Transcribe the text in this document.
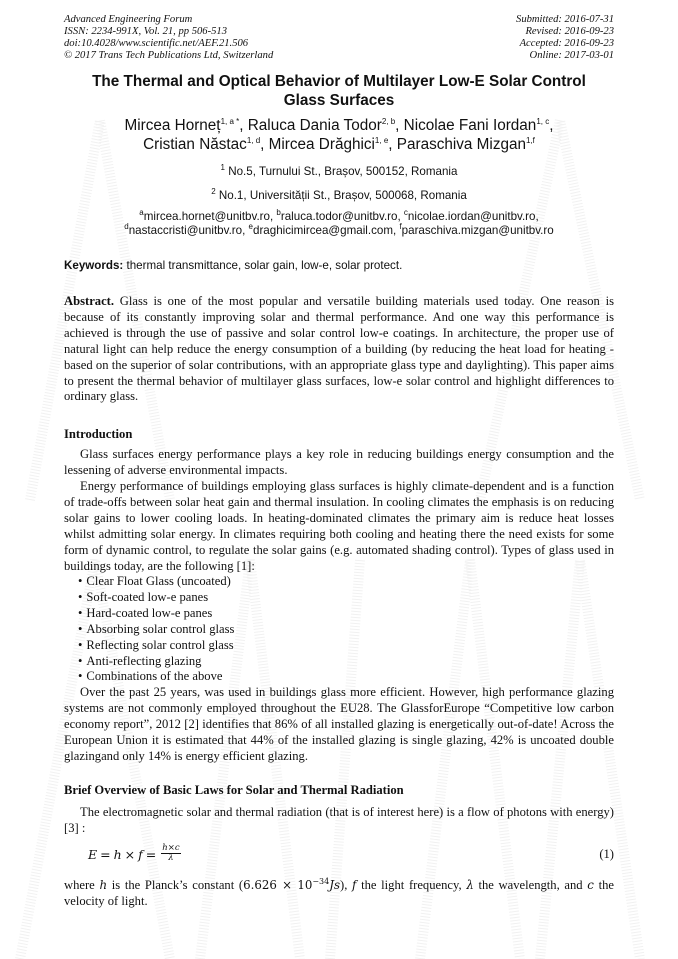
Advanced Engineering Forum
ISSN: 2234-991X, Vol. 21, pp 506-513
doi:10.4028/www.scientific.net/AEF.21.506
© 2017 Trans Tech Publications Ltd, Switzerland
Submitted: 2016-07-31
Revised: 2016-09-23
Accepted: 2016-09-23
Online: 2017-03-01
The Thermal and Optical Behavior of Multilayer Low-E Solar Control
Glass Surfaces
Mircea Horneț$^{1, a *}$, Raluca Dania Todor$^{2, b}$, Nicolae Fani Iordan$^{1, c}$,
Cristian Năstac$^{1, d}$, Mircea Drăghici$^{1, e}$, Paraschiva Mizgan$^{1,f}$
$^1$ No.5, Turnului St., Brașov, 500152, Romania
$^2$ No.1, Universității St., Brașov, 500068, Romania
$^a$mircea.hornet@unitbv.ro, $^b$raluca.todor@unitbv.ro, $^c$nicolae.iordan@unitbv.ro,
$^d$nastaccristi@unitbv.ro, $^e$draghicimircea@gmail.com, $^f$paraschiva.mizgan@unitbv.ro
Keywords: thermal transmittance, solar gain, low-e, solar protect.
Abstract. Glass is one of the most popular and versatile building materials used today. One reason is because of its constantly improving solar and thermal performance. And one way this performance is achieved is through the use of passive and solar control low-e coatings. In architecture, the proper use of natural light can help reduce the energy consumption of a building (by reducing the heat load for heating - based on the superior of solar contributions, with an appropriate glass type and daylighting). This paper aims to present the thermal behavior of multilayer glass surfaces, low-e solar control and highlight differences to ordinary glass.
Introduction
Glass surfaces energy performance plays a key role in reducing buildings energy consumption and the lessening of adverse environmental impacts.
Energy performance of buildings employing glass surfaces is highly climate-dependent and is a function of trade-offs between solar heat gain and thermal insulation. In cooling climates the emphasis is on reducing solar gains to lower cooling loads. In heating-dominated climates the primary aim is reduce heat losses whilst admitting solar energy. In climates requiring both cooling and heating there the need exists for some form of dynamic control, to regulate the solar gains (e.g. automated shading control). Types of glass used in buildings today, are the following [1]:
• Clear Float Glass (uncoated)
• Soft-coated low-e panes
• Hard-coated low-e panes
• Absorbing solar control glass
• Reflecting solar control glass
• Anti-reflecting glazing
• Combinations of the above
Over the past 25 years, was used in buildings glass more efficient. However, high performance glazing systems are not commonly employed throughout the EU28. The GlassforEurope “Competitive low carbon economy report”, 2012 [2] identifies that 86% of all installed glazing is energetically out-of-date! Across the European Union it is estimated that 44% of the installed glazing is single glazing, 42% is uncoated double glazingand only 14% is energy efficient glazing.
Brief Overview of Basic Laws for Solar and Thermal Radiation
The electromagnetic solar and thermal radiation (that is of interest here) is a flow of photons with energy) [3] :
$E = h \times f = \frac{h\times c}{\lambda}$	(1)
where h is the Planck’s constant $(6.626 \times 10^{-34}Js)$, f the light frequency, λ the wavelength, and c the velocity of light.
